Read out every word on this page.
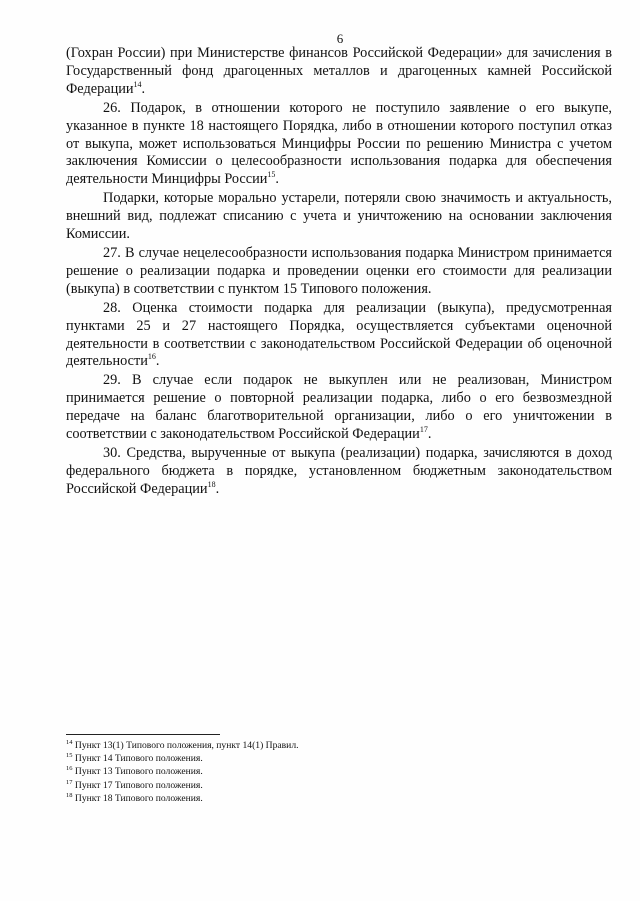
6

(Гохран России) при Министерстве финансов Российской Федерации» для зачисления в Государственный фонд драгоценных металлов и драгоценных камней Российской Федерации$^{14}$.

26. Подарок, в отношении которого не поступило заявление о его выкупе, указанное в пункте 18 настоящего Порядка, либо в отношении которого поступил отказ от выкупа, может использоваться Минцифры России по решению Министра с учетом заключения Комиссии о целесообразности использования подарка для обеспечения деятельности Минцифры России$^{15}$.

Подарки, которые морально устарели, потеряли свою значимость и актуальность, внешний вид, подлежат списанию с учета и уничтожению на основании заключения Комиссии.

27. В случае нецелесообразности использования подарка Министром принимается решение о реализации подарка и проведении оценки его стоимости для реализации (выкупа) в соответствии с пунктом 15 Типового положения.

28. Оценка стоимости подарка для реализации (выкупа), предусмотренная пунктами 25 и 27 настоящего Порядка, осуществляется субъектами оценочной деятельности в соответствии с законодательством Российской Федерации об оценочной деятельности$^{16}$.

29. В случае если подарок не выкуплен или не реализован, Министром принимается решение о повторной реализации подарка, либо о его безвозмездной передаче на баланс благотворительной организации, либо о его уничтожении в соответствии с законодательством Российской Федерации$^{17}$.

30. Средства, вырученные от выкупа (реализации) подарка, зачисляются в доход федерального бюджета в порядке, установленном бюджетным законодательством Российской Федерации$^{18}$.

$^{14}$ Пункт 13(1) Типового положения, пункт 14(1) Правил.
$^{15}$ Пункт 14 Типового положения.
$^{16}$ Пункт 13 Типового положения.
$^{17}$ Пункт 17 Типового положения.
$^{18}$ Пункт 18 Типового положения.
